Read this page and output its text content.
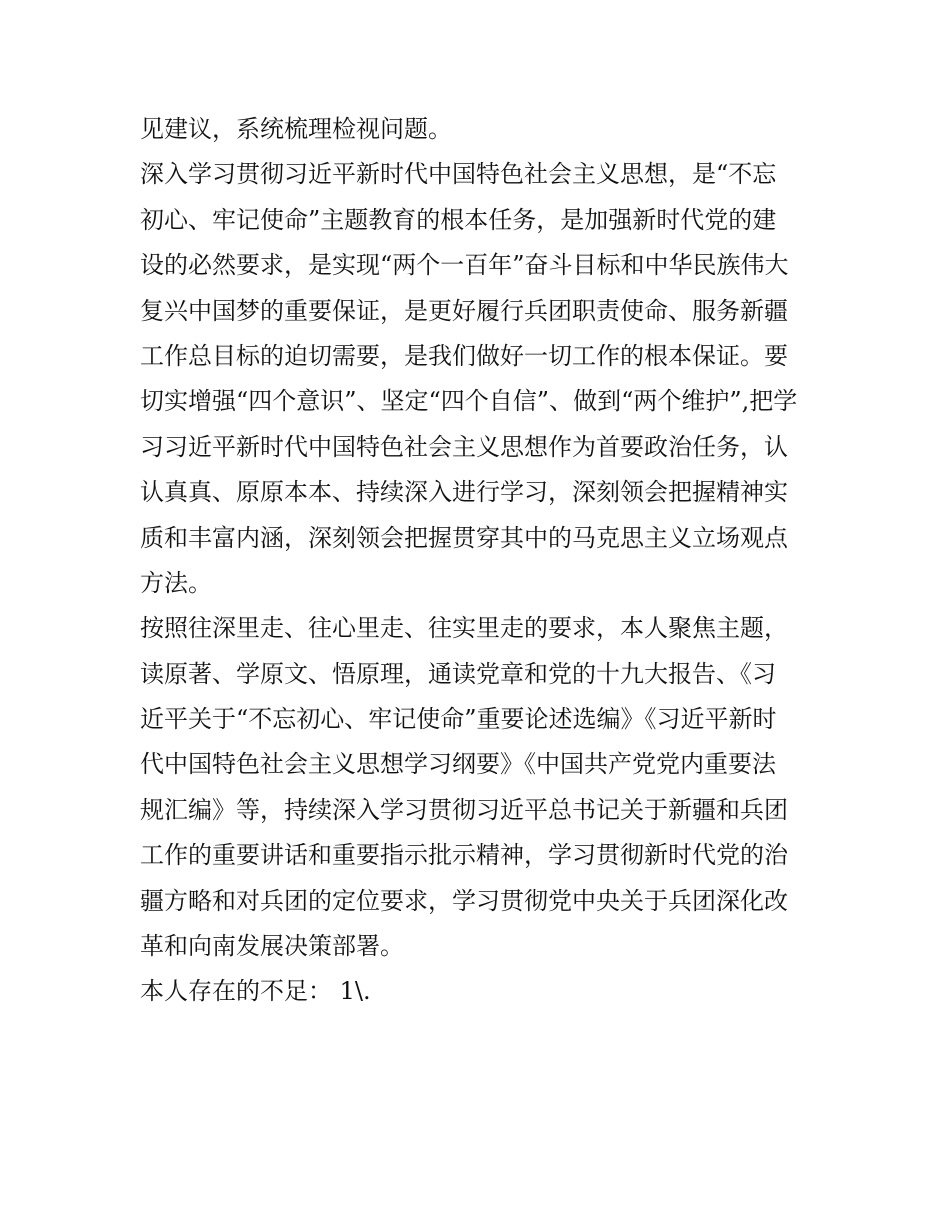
见建议，系统梳理检视问题。
深入学习贯彻习近平新时代中国特色社会主义思想，是“不忘
初心、牢记使命”主题教育的根本任务，是加强新时代党的建
设的必然要求，是实现“两个一百年”奋斗目标和中华民族伟大
复兴中国梦的重要保证，是更好履行兵团职责使命、服务新疆
工作总目标的迫切需要，是我们做好一切工作的根本保证。要
切实增强“四个意识”、坚定“四个自信”、做到“两个维护”,把学
习习近平新时代中国特色社会主义思想作为首要政治任务，认
认真真、原原本本、持续深入进行学习，深刻领会把握精神实
质和丰富内涵，深刻领会把握贯穿其中的马克思主义立场观点
方法。
按照往深里走、往心里走、往实里走的要求，本人聚焦主题，
读原著、学原文、悟原理，通读党章和党的十九大报告、《习
近平关于“不忘初心、牢记使命”重要论述选编》《习近平新时
代中国特色社会主义思想学习纲要》《中国共产党党内重要法
规汇编》等，持续深入学习贯彻习近平总书记关于新疆和兵团
工作的重要讲话和重要指示批示精神，学习贯彻新时代党的治
疆方略和对兵团的定位要求，学习贯彻党中央关于兵团深化改
革和向南发展决策部署。
本人存在的不足： 1\.
